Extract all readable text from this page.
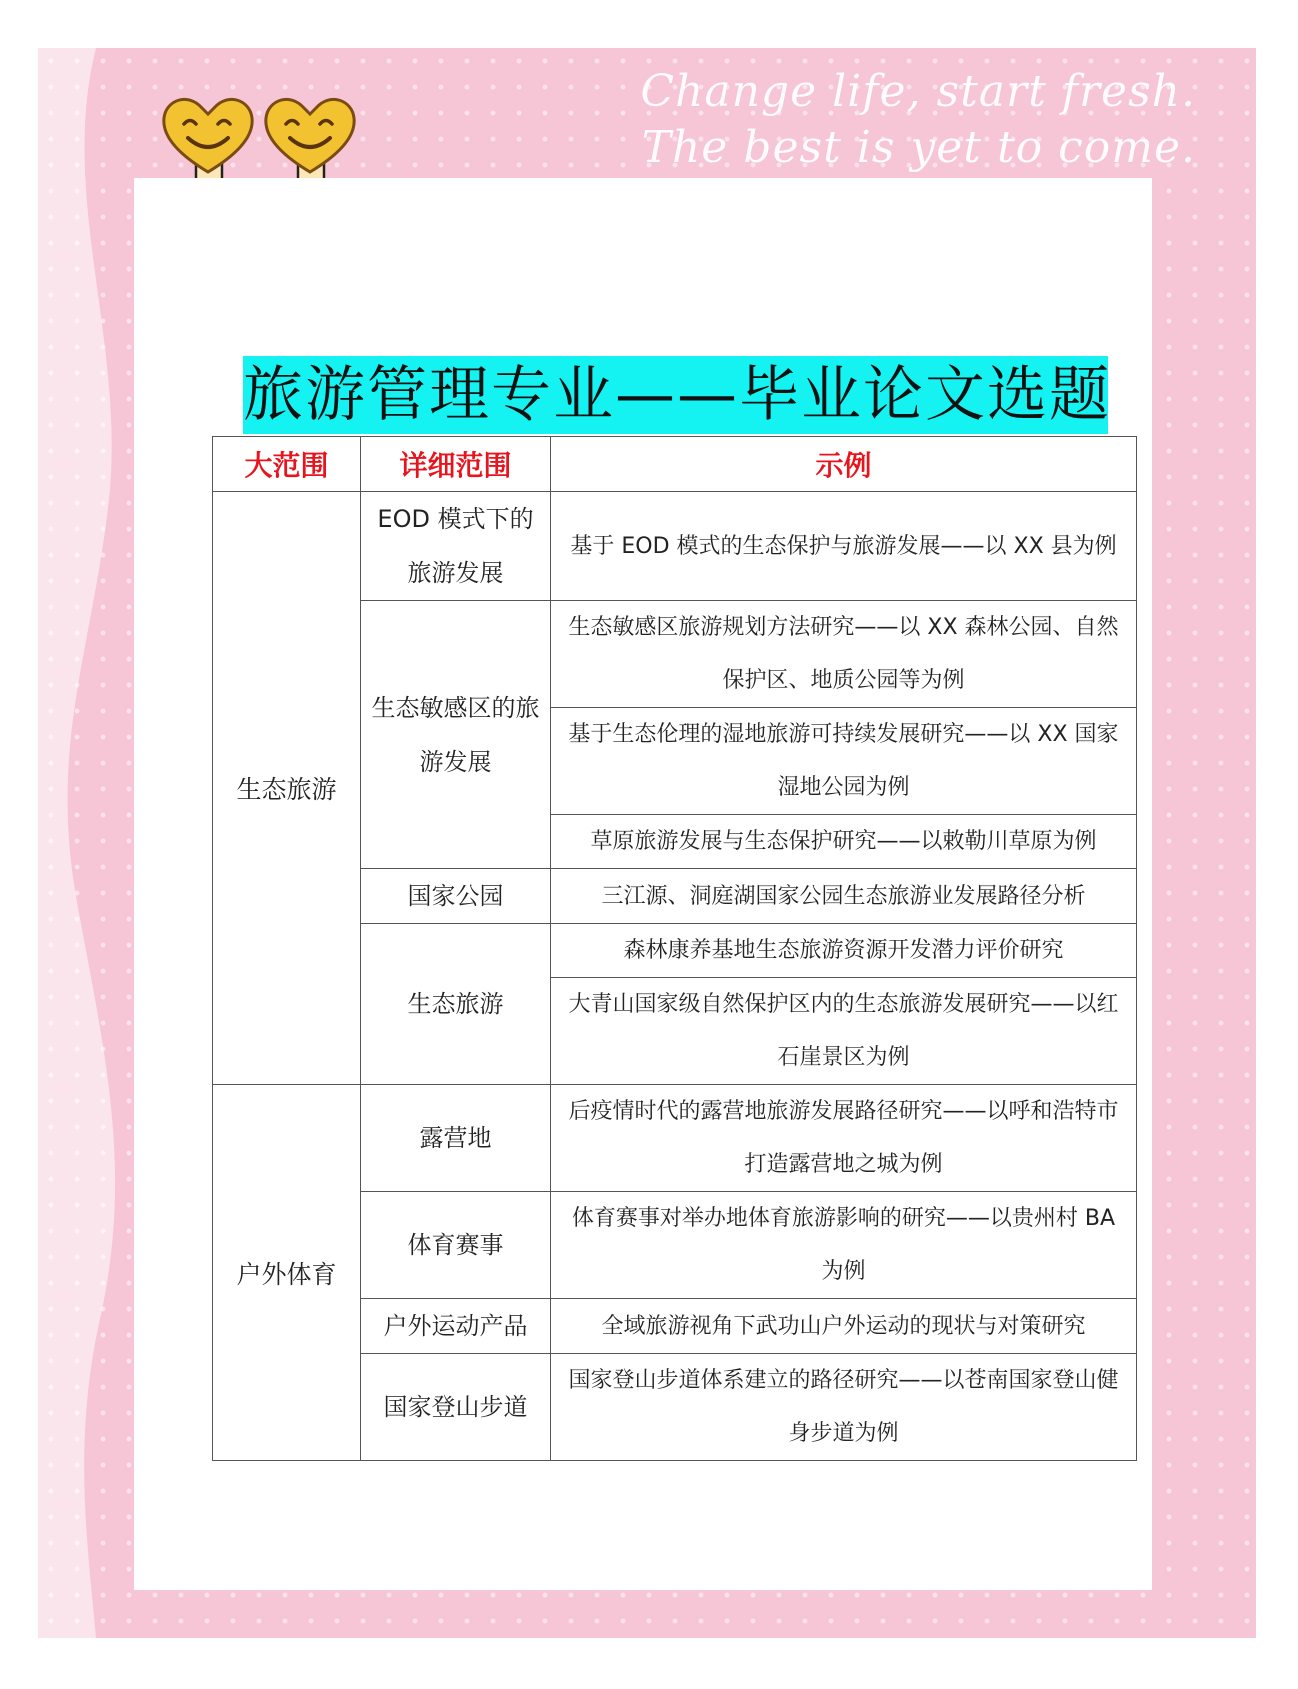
Change life, start fresh.
The best is yet to come.
旅游管理专业——毕业论文选题
大范围	详细范围	示例
生态旅游	EOD 模式下的旅游发展	基于 EOD 模式的生态保护与旅游发展——以 XX 县为例
	生态敏感区的旅游发展	生态敏感区旅游规划方法研究——以 XX 森林公园、自然保护区、地质公园等为例
		基于生态伦理的湿地旅游可持续发展研究——以 XX 国家湿地公园为例
		草原旅游发展与生态保护研究——以敕勒川草原为例
	国家公园	三江源、洞庭湖国家公园生态旅游业发展路径分析
	生态旅游	森林康养基地生态旅游资源开发潜力评价研究
		大青山国家级自然保护区内的生态旅游发展研究——以红石崖景区为例
户外体育	露营地	后疫情时代的露营地旅游发展路径研究——以呼和浩特市打造露营地之城为例
	体育赛事	体育赛事对举办地体育旅游影响的研究——以贵州村 BA 为例
	户外运动产品	全域旅游视角下武功山户外运动的现状与对策研究
	国家登山步道	国家登山步道体系建立的路径研究——以苍南国家登山健身步道为例
